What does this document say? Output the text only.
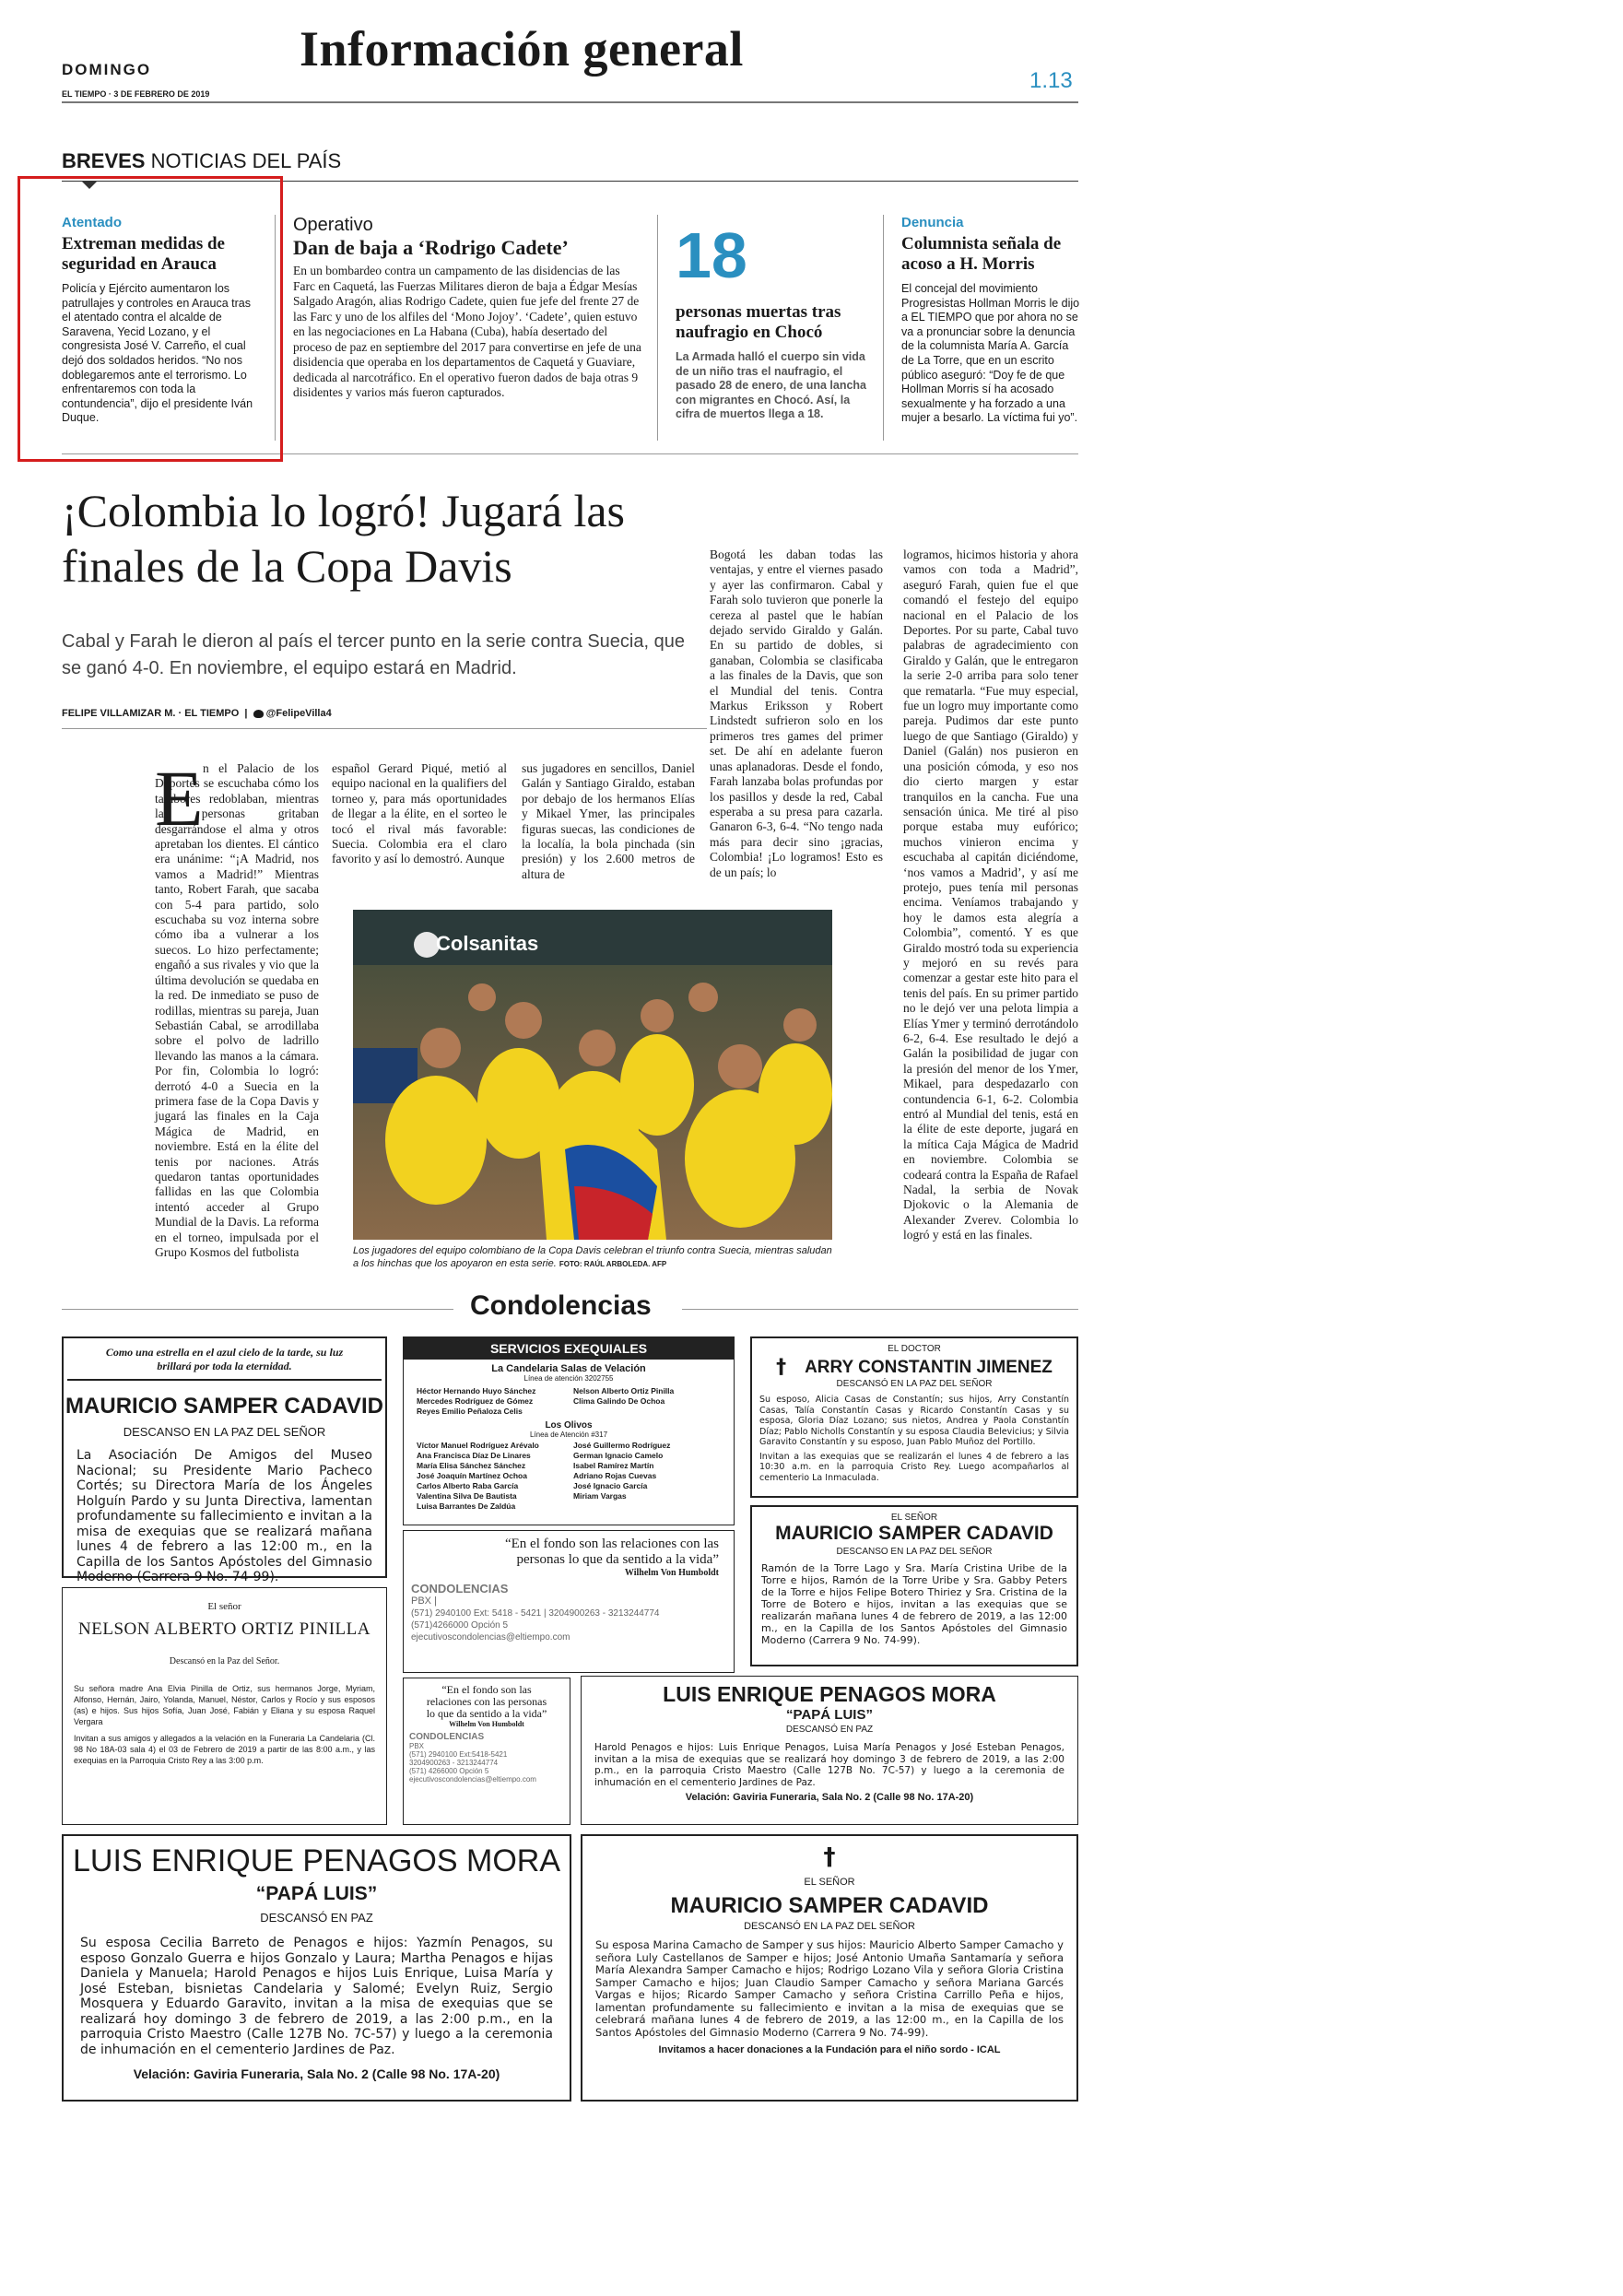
DOMINGO
EL TIEMPO · 3 DE FEBRERO DE 2019
Información general
1.13
BREVES NOTICIAS DEL PAÍS
Atentado
Extreman medidas de seguridad en Arauca
Policía y Ejército aumentaron los patrullajes y controles en Arauca tras el atentado contra el alcalde de Saravena, Yecid Lozano, y el congresista José V. Carreño, el cual dejó dos soldados heridos. “No nos doblegaremos ante el terrorismo. Lo enfrentaremos con toda la contundencia”, dijo el presidente Iván Duque.
Operativo
Dan de baja a ‘Rodrigo Cadete’
En un bombardeo contra un campamento de las disidencias de las Farc en Caquetá, las Fuerzas Militares dieron de baja a Édgar Mesías Salgado Aragón, alias Rodrigo Cadete, quien fue jefe del frente 27 de las Farc y uno de los alfiles del ‘Mono Jojoy’. ‘Cadete’, quien estuvo en las negociaciones en La Habana (Cuba), había desertado del proceso de paz en septiembre del 2017 para convertirse en jefe de una disidencia que operaba en los departamentos de Caquetá y Guaviare, dedicada al narcotráfico. En el operativo fueron dados de baja otras 9 disidentes y varios más fueron capturados.
18
personas muertas tras naufragio en Chocó
La Armada halló el cuerpo sin vida de un niño tras el naufragio, el pasado 28 de enero, de una lancha con migrantes en Chocó. Así, la cifra de muertos llega a 18.
Denuncia
Columnista señala de acoso a H. Morris
El concejal del movimiento Progresistas Hollman Morris le dijo a EL TIEMPO que por ahora no se va a pronunciar sobre la denuncia de la columnista María A. García de La Torre, que en un escrito público aseguró: “Doy fe de que Hollman Morris sí ha acosado sexualmente y ha forzado a una mujer a besarlo. La víctima fui yo”.
¡Colombia lo logró! Jugará las finales de la Copa Davis
Cabal y Farah le dieron al país el tercer punto en la serie contra Suecia, que se ganó 4-0. En noviembre, el equipo estará en Madrid.
FELIPE VILLAMIZAR M. · EL TIEMPO  |   @FelipeVilla4
E n el Palacio de los Deportes se escuchaba cómo los tambores redoblaban, mientras las personas gritaban desgarrándose el alma y otros apretaban los dientes. El cántico era unánime: “¡A Madrid, nos vamos a Madrid!” Mientras tanto, Robert Farah, que sacaba con 5-4 para partido, solo escuchaba su voz interna sobre cómo iba a vulnerar a los suecos. Lo hizo perfectamente; engañó a sus rivales y vio que la última devolución se quedaba en la red. De inmediato se puso de rodillas, mientras su pareja, Juan Sebastián Cabal, se arrodillaba sobre el polvo de ladrillo llevando las manos a la cámara. Por fin, Colombia lo logró: derrotó 4-0 a Suecia en la primera fase de la Copa Davis y jugará las finales en la Caja Mágica de Madrid, en noviembre. Está en la élite del tenis por naciones. Atrás quedaron tantas oportunidades fallidas en las que Colombia intentó acceder al Grupo Mundial de la Davis. La reforma en el torneo, impulsada por el Grupo Kosmos del futbolista
español Gerard Piqué, metió al equipo nacional en la qualifiers del torneo y, para más oportunidades de llegar a la élite, en el sorteo le tocó el rival más favorable: Suecia. Colombia era el claro favorito y así lo demostró. Aunque
sus jugadores en sencillos, Daniel Galán y Santiago Giraldo, estaban por debajo de los hermanos Elías y Mikael Ymer, las principales figuras suecas, las condiciones de la localía, la bola pinchada (sin presión) y los 2.600 metros de altura de
Bogotá les daban todas las ventajas, y entre el viernes pasado y ayer las confirmaron. Cabal y Farah solo tuvieron que ponerle la cereza al pastel que le habían dejado servido Giraldo y Galán. En su partido de dobles, si ganaban, Colombia se clasificaba a las finales de la Davis, que son el Mundial del tenis. Contra Markus Eriksson y Robert Lindstedt sufrieron solo en los primeros tres games del primer set. De ahí en adelante fueron unas aplanadoras. Desde el fondo, Farah lanzaba bolas profundas por los pasillos y desde la red, Cabal esperaba a su presa para cazarla. Ganaron 6-3, 6-4. “No tengo nada más para decir sino ¡gracias, Colombia! ¡Lo logramos! Esto es de un país; lo
logramos, hicimos historia y ahora vamos con toda a Madrid”, aseguró Farah, quien fue el que comandó el festejo del equipo nacional en el Palacio de los Deportes. Por su parte, Cabal tuvo palabras de agradecimiento con Giraldo y Galán, que le entregaron la serie 2-0 arriba para solo tener que rematarla. “Fue muy especial, fue un logro muy importante como pareja. Pudimos dar este punto luego de que Santiago (Giraldo) y Daniel (Galán) nos pusieron en una posición cómoda, y eso nos dio cierto margen y estar tranquilos en la cancha. Fue una sensación única. Me tiré al piso porque estaba muy eufórico; muchos vinieron encima y escuchaba al capitán diciéndome, ‘nos vamos a Madrid’, y así me protejo, pues tenía mil personas encima. Veníamos trabajando y hoy le damos esta alegría a Colombia”, comentó. Y es que Giraldo mostró toda su experiencia y mejoró en su revés para comenzar a gestar este hito para el tenis del país. En su primer partido no le dejó ver una pelota limpia a Elías Ymer y terminó derrotándolo 6-2, 6-4. Ese resultado le dejó a Galán la posibilidad de jugar con la presión del menor de los Ymer, Mikael, para despedazarlo con contundencia 6-1, 6-2. Colombia entró al Mundial del tenis, está en la élite de este deporte, jugará en la mítica Caja Mágica de Madrid en noviembre. Colombia se codeará contra la España de Rafael Nadal, la serbia de Novak Djokovic o la Alemania de Alexander Zverev. Colombia lo logró y está en las finales.
Colsanitas
Los jugadores del equipo colombiano de la Copa Davis celebran el triunfo contra Suecia, mientras saludan a los hinchas que los apoyaron en esta serie. FOTO: RAÚL ARBOLEDA. AFP
Condolencias
Como una estrella en el azul cielo de la tarde, su luz brillará por toda la eternidad.
MAURICIO SAMPER CADAVID
DESCANSO EN LA PAZ DEL SEÑOR
La Asociación De Amigos del Museo Nacional; su Presidente Mario Pacheco Cortés; su Directora María de los Ángeles Holguín Pardo y su Junta Directiva, lamentan profundamente su fallecimiento e invitan a la misa de exequias que se realizará mañana lunes 4 de febrero a las 12:00 m., en la Capilla de los Santos Apóstoles del Gimnasio Moderno (Carrera 9 No. 74-99).
SERVICIOS EXEQUIALES
La Candelaria Salas de Velación
Línea de atención 3202755
Héctor Hernando Huyo Sánchez
Mercedes Rodríguez de Gómez
Reyes Emilio Peñaloza Celis
Nelson Alberto Ortiz Pinilla
Clima Galindo De Ochoa
Los Olivos
Línea de Atención #317
Víctor Manuel Rodríguez Arévalo
Ana Francisca Díaz De Linares
María Elisa Sánchez Sánchez
José Joaquín Martínez Ochoa
Carlos Alberto Raba García
Valentina Silva De Bautista
Luisa Barrantes De Zaldúa
José Guillermo Rodríguez
German Ignacio Camelo
Isabel Ramírez Martín
Adriano Rojas Cuevas
José Ignacio García
Miriam Vargas
“En el fondo son las relaciones con las personas lo que da sentido a la vida”
Wilhelm Von Humboldt
CONDOLENCIAS
PBX |
(571) 2940100 Ext: 5418 - 5421 | 3204900263 - 3213244774
(571)4266000 Opción 5
ejecutivoscondolencias@eltiempo.com
EL DOCTOR
† ARRY CONSTANTIN JIMENEZ
DESCANSÓ EN LA PAZ DEL SEÑOR
Su esposo, Alicia Casas de Constantín; sus hijos, Arry Constantín Casas, Talía Constantín Casas y Ricardo Constantín Casas y su esposa, Gloria Díaz Lozano; sus nietos, Andrea y Paola Constantín Díaz; Pablo Nicholls Constantín y su esposa Claudia Belevicius; y Silvia Garavito Constantín y su esposo, Juan Pablo Muñoz del Portillo.
Invitan a las exequias que se realizarán el lunes 4 de febrero a las 10:30 a.m. en la parroquia Cristo Rey. Luego acompañarlos al cementerio La Inmaculada.
EL SEÑOR
MAURICIO SAMPER CADAVID
DESCANSO EN LA PAZ DEL SEÑOR
Ramón de la Torre Lago y Sra. María Cristina Uribe de la Torre e hijos, Ramón de la Torre Uribe y Sra. Gabby Peters de la Torre e hijos Felipe Botero Thiriez y Sra. Cristina de la Torre de Botero e hijos, invitan a las exequias que se realizarán mañana lunes 4 de febrero de 2019, a las 12:00 m., en la Capilla de los Santos Apóstoles del Gimnasio Moderno (Carrera 9 No. 74-99).
El señor
NELSON ALBERTO ORTIZ PINILLA
Descansó en la Paz del Señor.
Su señora madre Ana Elvia Pinilla de Ortiz, sus hermanos Jorge, Myriam, Alfonso, Hernán, Jairo, Yolanda, Manuel, Néstor, Carlos y Rocío y sus esposos (as) e hijos. Sus hijos Sofía, Juan José, Fabián y Eliana y su esposa Raquel Vergara
Invitan a sus amigos y allegados a la velación en la Funeraria La Candelaria (Cl. 98 No 18A-03 sala 4) el 03 de Febrero de 2019 a partir de las 8:00 a.m., y las exequias en la Parroquia Cristo Rey a las 3:00 p.m.
“En el fondo son las relaciones con las personas lo que da sentido a la vida”
Wilhelm Von Humboldt
CONDOLENCIAS
PBX
(571) 2940100 Ext:5418-5421
3204900263 - 3213244774
(571) 4266000 Opción 5
ejecutivoscondolencias@eltiempo.com
LUIS ENRIQUE PENAGOS MORA
“PAPÁ LUIS”
DESCANSÓ EN PAZ
Harold Penagos e hijos: Luis Enrique Penagos, Luisa María Penagos y José Esteban Penagos, invitan a la misa de exequias que se realizará hoy domingo 3 de febrero de 2019, a las 2:00 p.m., en la parroquia Cristo Maestro (Calle 127B No. 7C-57) y luego a la ceremonia de inhumación en el cementerio Jardines de Paz.
Velación: Gaviria Funeraria, Sala No. 2 (Calle 98 No. 17A-20)
LUIS ENRIQUE PENAGOS MORA
“PAPÁ LUIS”
DESCANSÓ EN PAZ
Su esposa Cecilia Barreto de Penagos e hijos: Yazmín Penagos, su esposo Gonzalo Guerra e hijos Gonzalo y Laura; Martha Penagos e hijas Daniela y Manuela; Harold Penagos e hijos Luis Enrique, Luisa María y José Esteban, bisnietas Candelaria y Salomé; Evelyn Ruiz, Sergio Mosquera y Eduardo Garavito, invitan a la misa de exequias que se realizará hoy domingo 3 de febrero de 2019, a las 2:00 p.m., en la parroquia Cristo Maestro (Calle 127B No. 7C-57) y luego a la ceremonia de inhumación en el cementerio Jardines de Paz.
Velación: Gaviria Funeraria, Sala No. 2 (Calle 98 No. 17A-20)
†
EL SEÑOR
MAURICIO SAMPER CADAVID
DESCANSÓ EN LA PAZ DEL SEÑOR
Su esposa Marina Camacho de Samper y sus hijos: Mauricio Alberto Samper Camacho y señora Luly Castellanos de Samper e hijos; José Antonio Umaña Santamaría y señora María Alexandra Samper Camacho e hijos; Rodrigo Lozano Vila y señora Gloria Cristina Samper Camacho e hijos; Juan Claudio Samper Camacho y señora Mariana Garcés Vargas e hijos; Ricardo Samper Camacho y señora Cristina Carrillo Peña e hijos, lamentan profundamente su fallecimiento e invitan a la misa de exequias que se celebrará mañana lunes 4 de febrero de 2019, a las 12:00 m., en la Capilla de los Santos Apóstoles del Gimnasio Moderno (Carrera 9 No. 74-99).
Invitamos a hacer donaciones a la Fundación para el niño sordo - ICAL
